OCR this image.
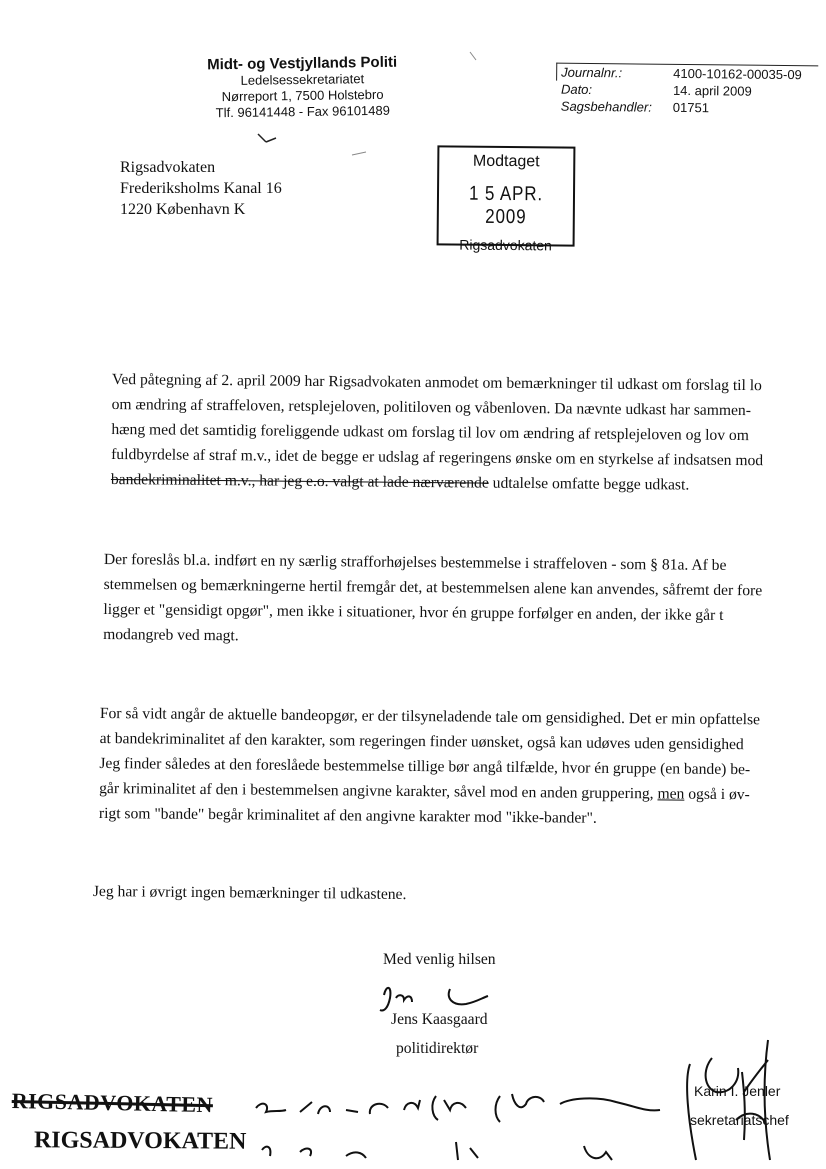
Midt- og Vestjyllands Politi
Ledelsessekretariatet
Nørreport 1, 7500 Holstebro
Tlf. 96141448 - Fax 96101489
Journalnr.:	4100-10162-00035-09
Dato:	14. april 2009
Sagsbehandler:	01751
Rigsadvokaten
Frederiksholms Kanal 16
1220 København K
Modtaget
1 5 APR. 2009
Rigsadvokaten
Ved påtegning af 2. april 2009 har Rigsadvokaten anmodet om bemærkninger til udkast om forslag til lo
om ændring af straffeloven, retsplejeloven, politiloven og våbenloven. Da nævnte udkast har sammen-
hæng med det samtidig foreliggende udkast om forslag til lov om ændring af retsplejeloven og lov om
fuldbyrdelse af straf m.v., idet de begge er udslag af regeringens ønske om en styrkelse af indsatsen mod
bandekriminalitet m.v., har jeg e.o. valgt at lade nærværende udtalelse omfatte begge udkast.
Der foreslås bl.a. indført en ny særlig strafforhøjelses bestemmelse i straffeloven - som § 81a. Af be
stemmelsen og bemærkningerne hertil fremgår det, at bestemmelsen alene kan anvendes, såfremt der fore
ligger et "gensidigt opgør", men ikke i situationer, hvor én gruppe forfølger en anden, der ikke går t
modangreb ved magt.
For så vidt angår de aktuelle bandeopgør, er der tilsyneladende tale om gensidighed. Det er min opfattelse
at bandekriminalitet af den karakter, som regeringen finder uønsket, også kan udøves uden gensidighed
Jeg finder således at den foreslåede bestemmelse tillige bør angå tilfælde, hvor én gruppe (en bande) be-
går kriminalitet af den i bestemmelsen angivne karakter, såvel mod en anden gruppering, men også i øv-
rigt som "bande" begår kriminalitet af den angivne karakter mod "ikke-bander".
Jeg har i øvrigt ingen bemærkninger til udkastene.
Med venlig hilsen
Jens Kaasgaard
politidirektør
RIGSADVOKATEN
RIGSADVOKATEN
Karin I. Jenler
sekretariatschef
